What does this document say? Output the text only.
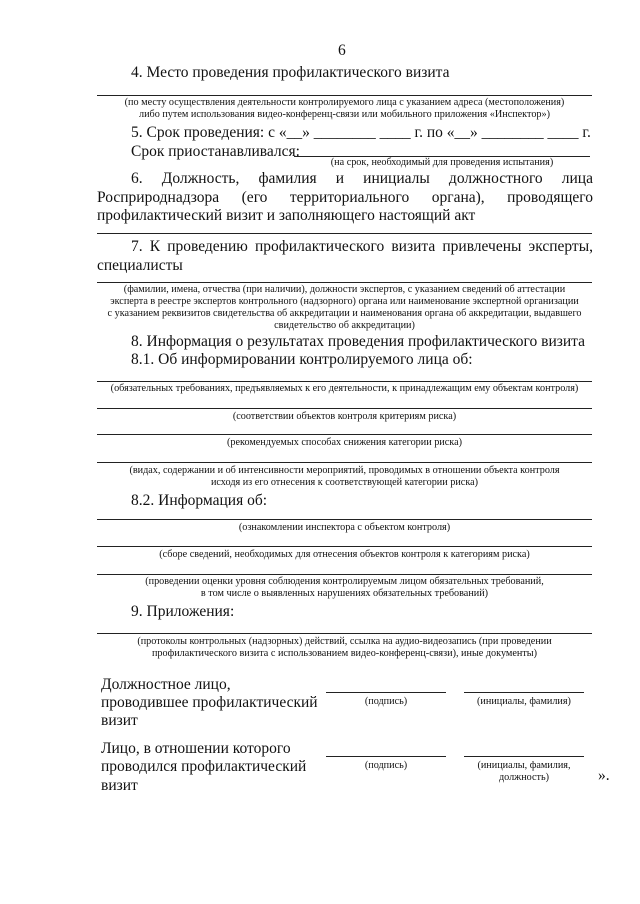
6
4. Место проведения профилактического визита
(по месту осуществления деятельности контролируемого лица с указанием адреса (местоположения)
либо путем использования видео-конференц-связи или мобильного приложения «Инспектор»)
5. Срок проведения: с «__» ________ ____ г. по «__» ________ ____ г.
Срок приостанавливался:
(на срок, необходимый для проведения испытания)
6. Должность, фамилия и инициалы должностного лица
Росприроднадзора (его территориального органа), проводящего
профилактический визит и заполняющего настоящий акт
7. К проведению профилактического визита привлечены эксперты,
специалисты
(фамилии, имена, отчества (при наличии), должности экспертов, с указанием сведений об аттестации
эксперта в реестре экспертов контрольного (надзорного) органа или наименование экспертной организации
с указанием реквизитов свидетельства об аккредитации и наименования органа об аккредитации, выдавшего
свидетельство об аккредитации)
8. Информация о результатах проведения профилактического визита
8.1. Об информировании контролируемого лица об:
(обязательных требованиях, предъявляемых к его деятельности, к принадлежащим ему объектам контроля)
(соответствии объектов контроля критериям риска)
(рекомендуемых способах снижения категории риска)
(видах, содержании и об интенсивности мероприятий, проводимых в отношении объекта контроля
исходя из его отнесения к соответствующей категории риска)
8.2. Информация об:
(ознакомлении инспектора с объектом контроля)
(сборе сведений, необходимых для отнесения объектов контроля к категориям риска)
(проведении оценки уровня соблюдения контролируемым лицом обязательных требований,
в том числе о выявленных нарушениях обязательных требований)
9. Приложения:
(протоколы контрольных (надзорных) действий, ссылка на аудио-видеозапись (при проведении
профилактического визита с использованием видео-конференц-связи), иные документы)
Должностное лицо,
проводившее профилактический
визит
(подпись)	(инициалы, фамилия)
Лицо, в отношении которого
проводился профилактический
визит
(подпись)	(инициалы, фамилия,
должность)	».
